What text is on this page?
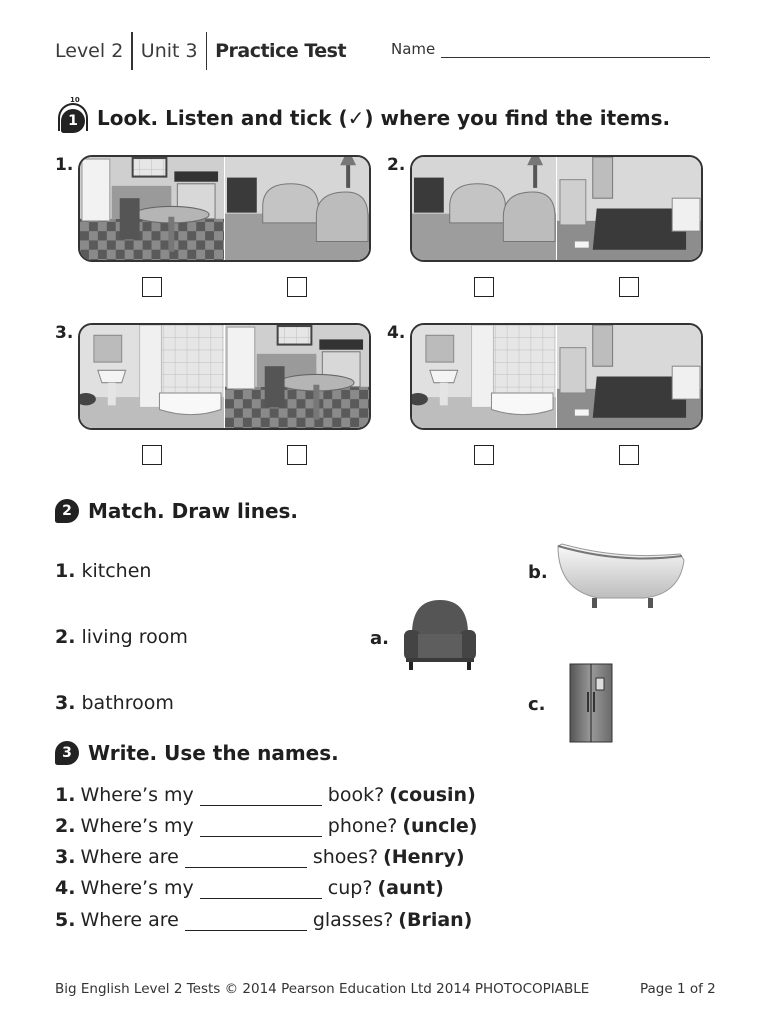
Level 2 Unit 3 Practice Test	Name
1
10
Look. Listen and tick (✓) where you find the items.
1.	2.
3.	4.
2 Match. Draw lines.
1. kitchen
2. living room
3. bathroom
a.
b.
c.
3 Write. Use the names.
1. Where’s my	book? (cousin)
2. Where’s my	phone? (uncle)
3. Where are	shoes? (Henry)
4. Where’s my	cup? (aunt)
5. Where are	glasses? (Brian)
Big English Level 2 Tests © 2014 Pearson Education Ltd 2014 PHOTOCOPIABLE	Page 1 of 2
